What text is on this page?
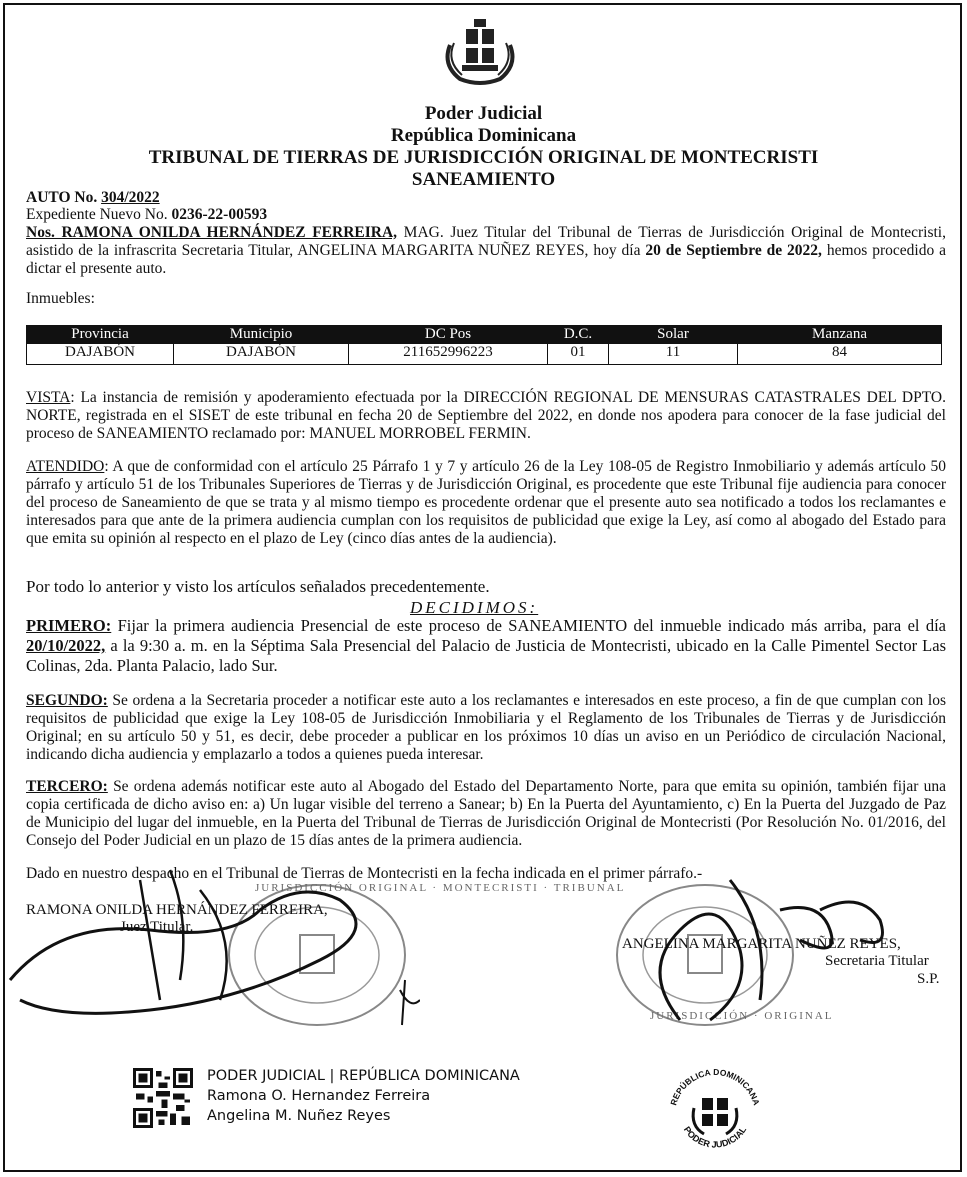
Poder Judicial
República Dominicana
TRIBUNAL DE TIERRAS DE JURISDICCIÓN ORIGINAL DE MONTECRISTI
SANEAMIENTO
AUTO No. 304/2022
Expediente Nuevo No. 0236-22-00593
Nos. RAMONA ONILDA HERNÁNDEZ FERREIRA, MAG. Juez Titular del Tribunal de Tierras de Jurisdicción Original de Montecristi, asistido de la infrascrita Secretaria Titular, ANGELINA MARGARITA NUÑEZ REYES, hoy día 20 de Septiembre de 2022, hemos procedido a dictar el presente auto.
Inmuebles:
Provincia	Municipio	DC Pos	D.C.	Solar	Manzana
DAJABÓN	DAJABÓN	211652996223	01	11	84
VISTA: La instancia de remisión y apoderamiento efectuada por la DIRECCIÓN REGIONAL DE MENSURAS CATASTRALES DEL DPTO. NORTE, registrada en el SISET de este tribunal en fecha 20 de Septiembre del 2022, en donde nos apodera para conocer de la fase judicial del proceso de SANEAMIENTO reclamado por: MANUEL MORROBEL FERMIN.
ATENDIDO: A que de conformidad con el artículo 25 Párrafo 1 y 7 y artículo 26 de la Ley 108-05 de Registro Inmobiliario y además artículo 50 párrafo y artículo 51 de los Tribunales Superiores de Tierras y de Jurisdicción Original, es procedente que este Tribunal fije audiencia para conocer del proceso de Saneamiento de que se trata y al mismo tiempo es procedente ordenar que el presente auto sea notificado a todos los reclamantes e interesados para que ante de la primera audiencia cumplan con los requisitos de publicidad que exige la Ley, así como al abogado del Estado para que emita su opinión al respecto en el plazo de Ley (cinco días antes de la audiencia).
Por todo lo anterior y visto los artículos señalados precedentemente.
DECIDIMOS:
PRIMERO: Fijar la primera audiencia Presencial de este proceso de SANEAMIENTO del inmueble indicado más arriba, para el día 20/10/2022, a la 9:30 a. m. en la Séptima Sala Presencial del Palacio de Justicia de Montecristi, ubicado en la Calle Pimentel Sector Las Colinas, 2da. Planta Palacio, lado Sur.
SEGUNDO: Se ordena a la Secretaria proceder a notificar este auto a los reclamantes e interesados en este proceso, a fin de que cumplan con los requisitos de publicidad que exige la Ley 108-05 de Jurisdicción Inmobiliaria y el Reglamento de los Tribunales de Tierras y de Jurisdicción Original; en su artículo 50 y 51, es decir, debe proceder a publicar en los próximos 10 días un aviso en un Periódico de circulación Nacional, indicando dicha audiencia y emplazarlo a todos a quienes pueda interesar.
TERCERO: Se ordena además notificar este auto al Abogado del Estado del Departamento Norte, para que emita su opinión, también fijar una copia certificada de dicho aviso en: a) Un lugar visible del terreno a Sanear; b) En la Puerta del Ayuntamiento, c) En la Puerta del Juzgado de Paz de Municipio del lugar del inmueble, en la Puerta del Tribunal de Tierras de Jurisdicción Original de Montecristi (Por Resolución No. 01/2016, del Consejo del Poder Judicial en un plazo de 15 días antes de la primera audiencia.
Dado en nuestro despacho en el Tribunal de Tierras de Montecristi en la fecha indicada en el primer párrafo.-
JURISDICCIÓN ORIGINAL · MONTECRISTI · TRIBUNAL
JURISDICCIÓN · ORIGINAL
RAMONA ONILDA HERNÁNDEZ FERREIRA,
Juez Titular.
ANGELINA MARGARITA NUÑEZ REYES,
Secretaria Titular
S.P.
PODER JUDICIAL | REPÚBLICA DOMINICANA
Ramona O. Hernandez Ferreira
Angelina M. Nuñez Reyes
REPÚBLICA DOMINICANA
PODER JUDICIAL
